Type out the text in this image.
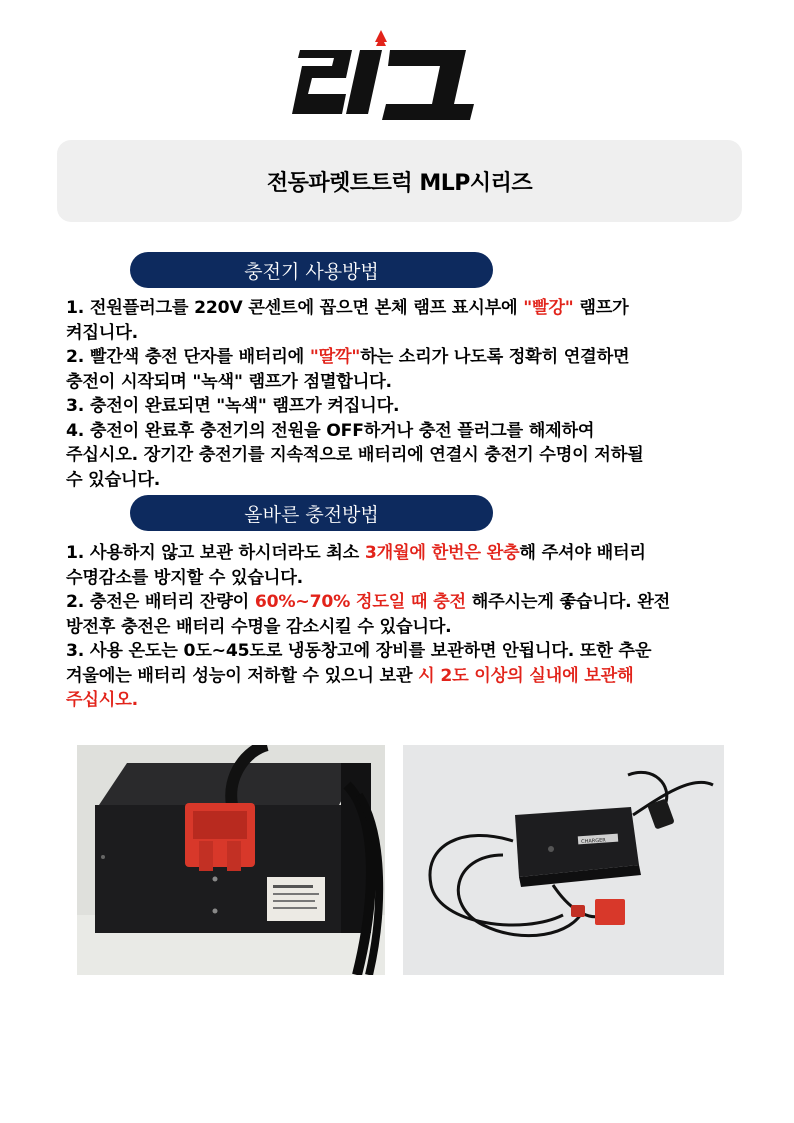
전동파렛트트럭 MLP시리즈
충전기 사용방법
1. 전원플러그를 220V 콘센트에 꼽으면 본체 램프 표시부에 "빨강" 램프가
켜집니다.
2. 빨간색 충전 단자를 배터리에 "딸깍"하는 소리가 나도록 정확히 연결하면
충전이 시작되며 "녹색" 램프가 점멸합니다.
3. 충전이 완료되면 "녹색" 램프가 켜집니다.
4. 충전이 완료후 충전기의 전원을 OFF하거나 충전 플러그를 해제하여
주십시오. 장기간 충전기를 지속적으로 배터리에 연결시 충전기 수명이 저하될
수 있습니다.
올바른 충전방법
1. 사용하지 않고 보관 하시더라도 최소 3개월에 한번은 완충해 주셔야 배터리
수명감소를 방지할 수 있습니다.
2. 충전은 배터리 잔량이 60%~70% 정도일 때 충전 해주시는게 좋습니다. 완전
방전후 충전은 배터리 수명을 감소시킬 수 있습니다.
3. 사용 온도는 0도~45도로 냉동창고에 장비를 보관하면 안됩니다. 또한 추운
겨울에는 배터리 성능이 저하할 수 있으니 보관 시 2도 이상의 실내에 보관해
주십시오.
CHARGER
